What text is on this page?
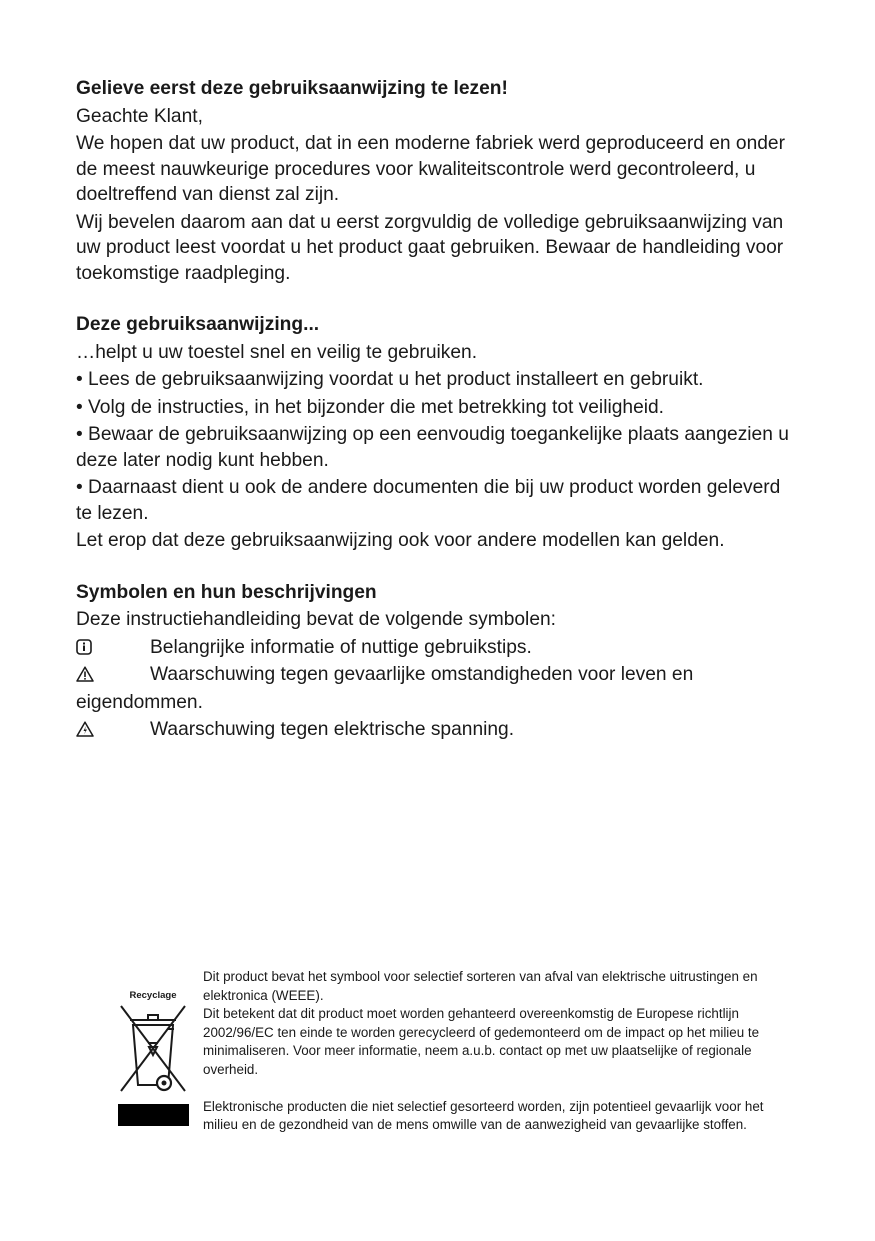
Gelieve eerst deze gebruiksaanwijzing te lezen!

Geachte Klant,

We hopen dat uw product, dat in een moderne fabriek werd geproduceerd en onder de meest nauwkeurige procedures voor kwaliteitscontrole werd gecontroleerd, u doeltreffend van dienst zal zijn.

Wij bevelen daarom aan dat u eerst zorgvuldig de volledige gebruiksaanwijzing van uw product leest voordat u het product gaat gebruiken. Bewaar de handleiding voor toekomstige raadpleging.

Deze gebruiksaanwijzing...

…helpt u uw toestel snel en veilig te gebruiken.

• Lees de gebruiksaanwijzing voordat u het product installeert en gebruikt.

• Volg de instructies, in het bijzonder die met betrekking tot veiligheid.

• Bewaar de gebruiksaanwijzing op een eenvoudig toegankelijke plaats aangezien u deze later nodig kunt hebben.

• Daarnaast dient u ook de andere documenten die bij uw product worden geleverd te lezen.

Let erop dat deze gebruiksaanwijzing ook voor andere modellen kan gelden.

Symbolen en hun beschrijvingen

Deze instructiehandleiding bevat de volgende symbolen:

Belangrijke informatie of nuttige gebruikstips.

Waarschuwing tegen gevaarlijke omstandigheden voor leven en

eigendommen.

Waarschuwing tegen elektrische spanning.

Recyclage

Dit product bevat het symbool voor selectief sorteren van afval van elektrische uitrustingen en elektronica (WEEE).

Dit betekent dat dit product moet worden gehanteerd overeenkomstig de Europese richtlijn 2002/96/EC ten einde te worden gerecycleerd of gedemonteerd om de impact op het milieu te minimaliseren. Voor meer informatie, neem a.u.b. contact op met uw plaatselijke of regionale overheid.

Elektronische producten die niet selectief gesorteerd worden, zijn potentieel gevaarlijk voor het milieu en de gezondheid van de mens omwille van de aanwezigheid van gevaarlijke stoffen.
